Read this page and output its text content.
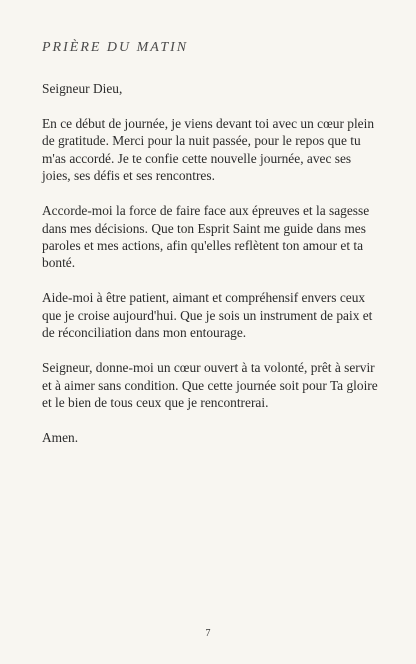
PRIÈRE DU MATIN

Seigneur Dieu,

En ce début de journée, je viens devant toi avec un cœur plein de gratitude. Merci pour la nuit passée, pour le repos que tu m'as accordé. Je te confie cette nouvelle journée, avec ses joies, ses défis et ses rencontres.

Accorde-moi la force de faire face aux épreuves et la sagesse dans mes décisions. Que ton Esprit Saint me guide dans mes paroles et mes actions, afin qu'elles reflètent ton amour et ta bonté.

Aide-moi à être patient, aimant et compréhensif envers ceux que je croise aujourd'hui. Que je sois un instrument de paix et de réconciliation dans mon entourage.

Seigneur, donne-moi un cœur ouvert à ta volonté, prêt à servir et à aimer sans condition. Que cette journée soit pour Ta gloire et le bien de tous ceux que je rencontrerai.

Amen.

7
